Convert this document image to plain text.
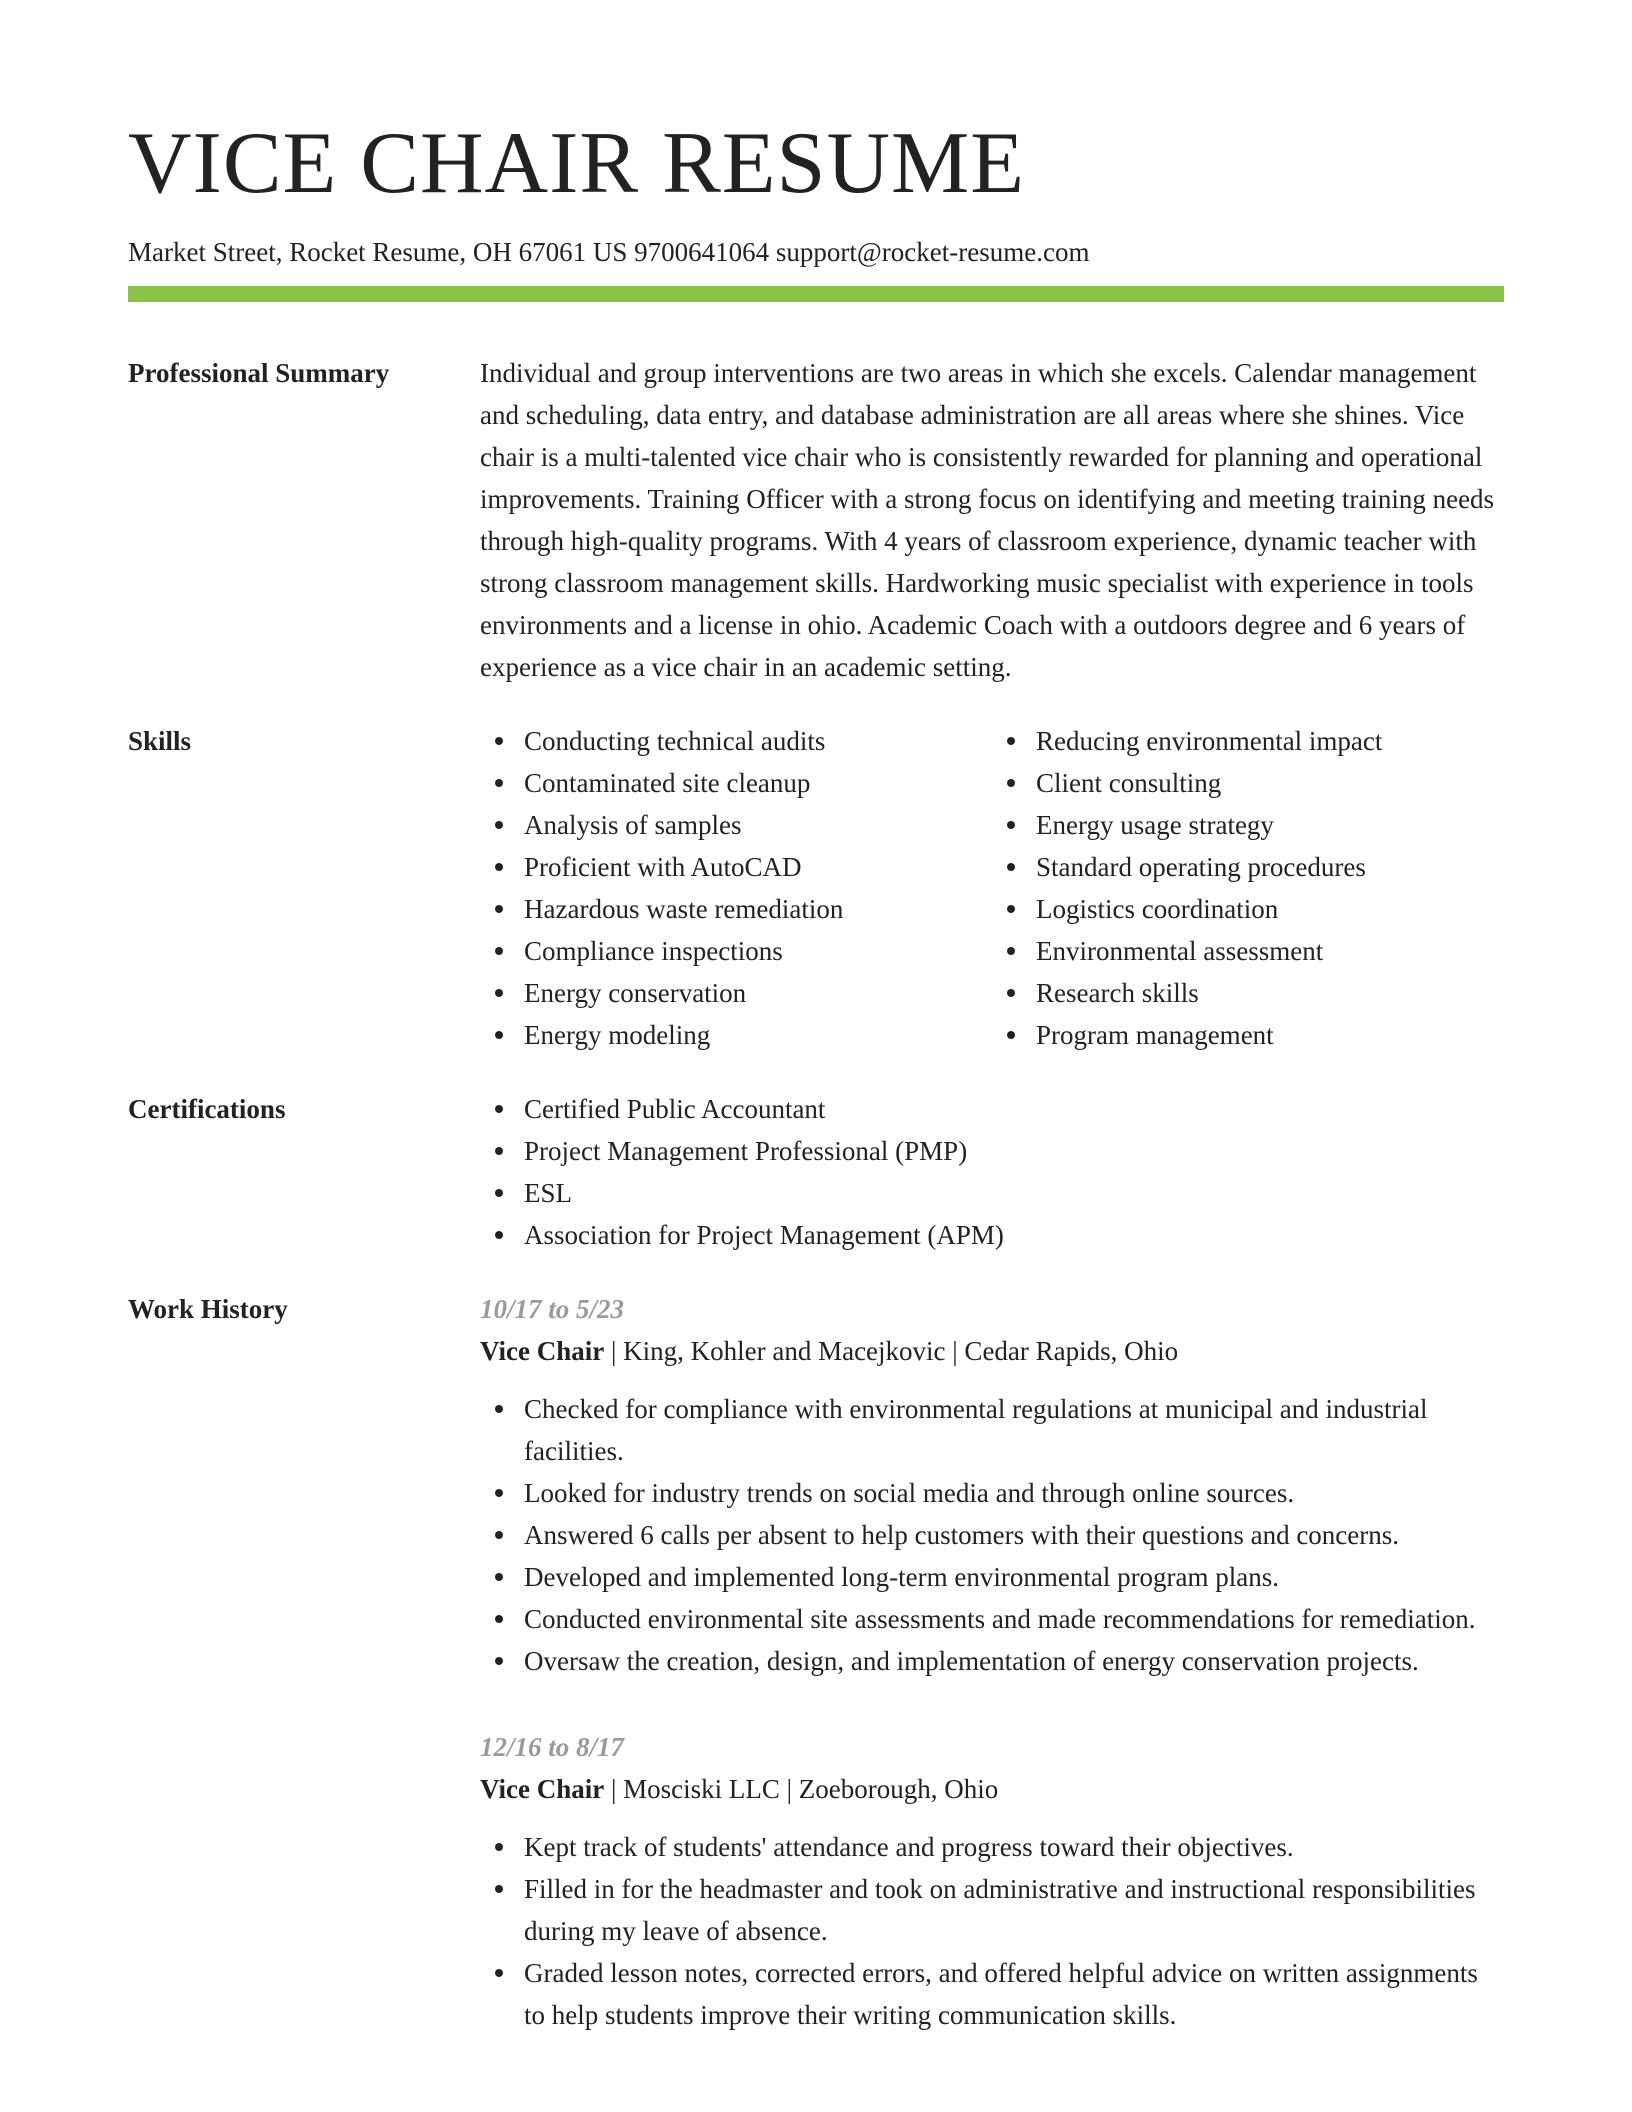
VICE CHAIR RESUME
Market Street, Rocket Resume, OH 67061 US 9700641064 support@rocket-resume.com
Professional Summary	Individual and group interventions are two areas in which she excels. Calendar management and scheduling, data entry, and database administration are all areas where she shines. Vice chair is a multi-talented vice chair who is consistently rewarded for planning and operational improvements. Training Officer with a strong focus on identifying and meeting training needs through high-quality programs. With 4 years of classroom experience, dynamic teacher with strong classroom management skills. Hardworking music specialist with experience in tools environments and a license in ohio. Academic Coach with a outdoors degree and 6 years of experience as a vice chair in an academic setting.
Skills	Conducting technical audits
Contaminated site cleanup
Analysis of samples
Proficient with AutoCAD
Hazardous waste remediation
Compliance inspections
Energy conservation
Energy modeling
Reducing environmental impact
Client consulting
Energy usage strategy
Standard operating procedures
Logistics coordination
Environmental assessment
Research skills
Program management
Certifications	Certified Public Accountant
Project Management Professional (PMP)
ESL
Association for Project Management (APM)
Work History	10/17 to 5/23
Vice Chair | King, Kohler and Macejkovic | Cedar Rapids, Ohio
Checked for compliance with environmental regulations at municipal and industrial facilities.
Looked for industry trends on social media and through online sources.
Answered 6 calls per absent to help customers with their questions and concerns.
Developed and implemented long-term environmental program plans.
Conducted environmental site assessments and made recommendations for remediation.
Oversaw the creation, design, and implementation of energy conservation projects.
12/16 to 8/17
Vice Chair | Mosciski LLC | Zoeborough, Ohio
Kept track of students' attendance and progress toward their objectives.
Filled in for the headmaster and took on administrative and instructional responsibilities during my leave of absence.
Graded lesson notes, corrected errors, and offered helpful advice on written assignments to help students improve their writing communication skills.
